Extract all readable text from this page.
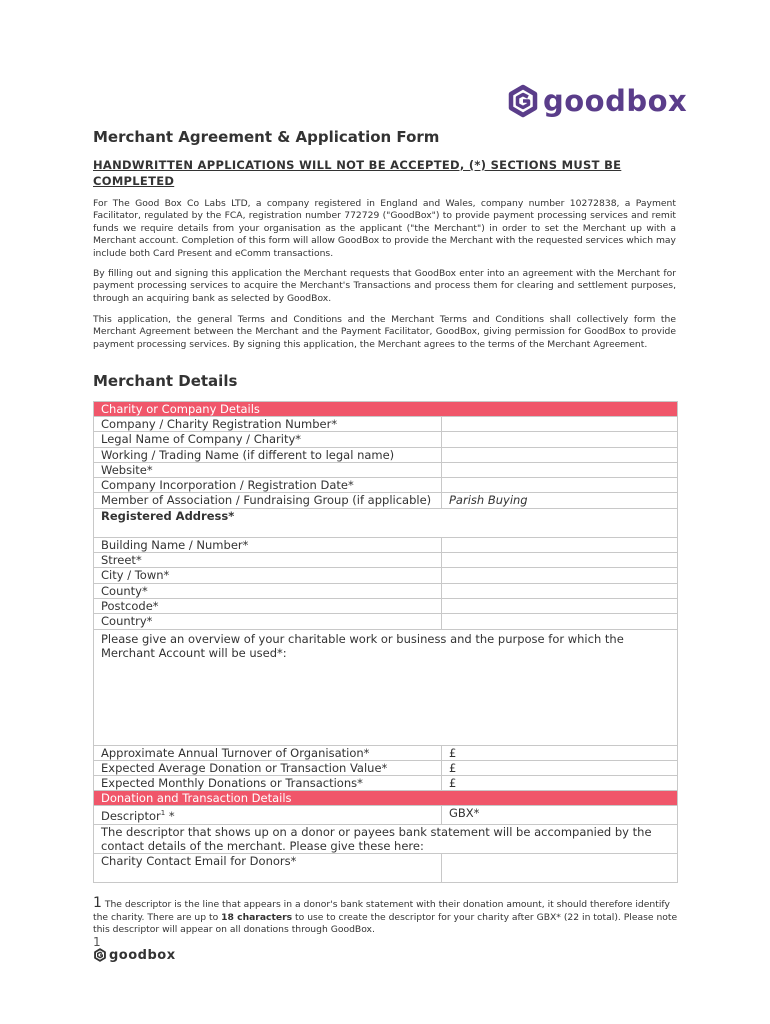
goodbox
Merchant Agreement & Application Form
HANDWRITTEN APPLICATIONS WILL NOT BE ACCEPTED, (*) SECTIONS MUST BE COMPLETED

For The Good Box Co Labs LTD, a company registered in England and Wales, company number 10272838, a Payment Facilitator, regulated by the FCA, registration number 772729 ("GoodBox") to provide payment processing services and remit funds we require details from your organisation as the applicant ("the Merchant") in order to set the Merchant up with a Merchant account. Completion of this form will allow GoodBox to provide the Merchant with the requested services which may include both Card Present and eComm transactions.

By filling out and signing this application the Merchant requests that GoodBox enter into an agreement with the Merchant for payment processing services to acquire the Merchant's Transactions and process them for clearing and settlement purposes, through an acquiring bank as selected by GoodBox.

This application, the general Terms and Conditions and the Merchant Terms and Conditions shall collectively form the Merchant Agreement between the Merchant and the Payment Facilitator, GoodBox, giving permission for GoodBox to provide payment processing services. By signing this application, the Merchant agrees to the terms of the Merchant Agreement.

Merchant Details
Charity or Company Details	
Company / Charity Registration Number*	
Legal Name of Company / Charity*	
Working / Trading Name (if different to legal name)	
Website*	
Company Incorporation / Registration Date*	
Member of Association / Fundraising Group (if applicable)	Parish Buying
Registered Address*	
Building Name / Number*	
Street*	
City / Town*	
County*	
Postcode*	
Country*	
Please give an overview of your charitable work or business and the purpose for which the Merchant Account will be used*:	
Approximate Annual Turnover of Organisation*	£
Expected Average Donation or Transaction Value*	£
Expected Monthly Donations or Transactions*	£
Donation and Transaction Details	
Descriptor$^1$ *	GBX*
The descriptor that shows up on a donor or payees bank statement will be accompanied by the contact details of the merchant. Please give these here:	
Charity Contact Email for Donors*	
1 The descriptor is the line that appears in a donor's bank statement with their donation amount, it should therefore identify the charity. There are up to 18 characters to use to create the descriptor for your charity after GBX* (22 in total). Please note this descriptor will appear on all donations through GoodBox.
1
goodbox
